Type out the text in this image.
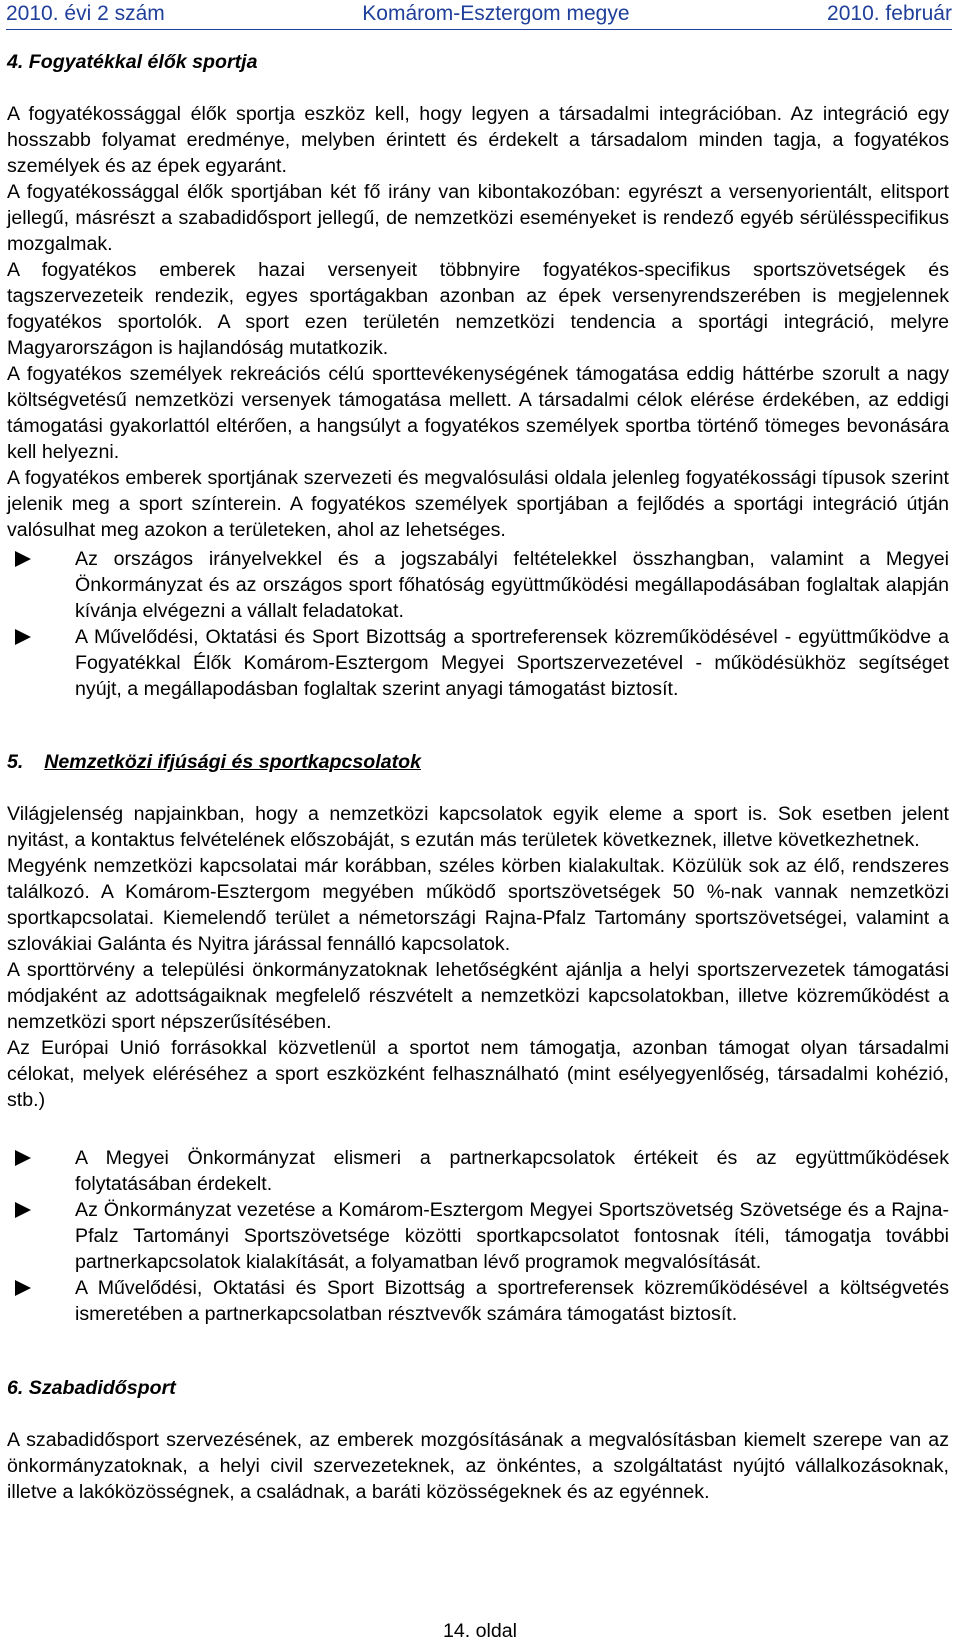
2010. évi 2 szám	Komárom-Esztergom megye	2010. február
4. Fogyatékkal élők sportja
A fogyatékossággal élők sportja eszköz kell, hogy legyen a társadalmi integrációban. Az integráció egy hosszabb folyamat eredménye, melyben érintett és érdekelt a társadalom minden tagja, a fogyatékos személyek és az épek egyaránt.
A fogyatékossággal élők sportjában két fő irány van kibontakozóban: egyrészt a versenyorientált, elitsport jellegű, másrészt a szabadidősport jellegű, de nemzetközi eseményeket is rendező egyéb sérülésspecifikus mozgalmak.
A fogyatékos emberek hazai versenyeit többnyire fogyatékos-specifikus sportszövetségek és tagszervezeteik rendezik, egyes sportágakban azonban az épek versenyrendszerében is megjelennek fogyatékos sportolók. A sport ezen területén nemzetközi tendencia a sportági integráció, melyre Magyarországon is hajlandóság mutatkozik.
A fogyatékos személyek rekreációs célú sporttevékenységének támogatása eddig háttérbe szorult a nagy költségvetésű nemzetközi versenyek támogatása mellett. A társadalmi célok elérése érdekében, az eddigi támogatási gyakorlattól eltérően, a hangsúlyt a fogyatékos személyek sportba történő tömeges bevonására kell helyezni.
A fogyatékos emberek sportjának szervezeti és megvalósulási oldala jelenleg fogyatékossági típusok szerint jelenik meg a sport színterein. A fogyatékos személyek sportjában a fejlődés a sportági integráció útján valósulhat meg azokon a területeken, ahol az lehetséges.
Az országos irányelvekkel és a jogszabályi feltételekkel összhangban, valamint a Megyei Önkormányzat és az országos sport főhatóság együttműködési megállapodásában foglaltak alapján kívánja elvégezni a vállalt feladatokat.
A Művelődési, Oktatási és Sport Bizottság a sportreferensek közreműködésével - együttműködve a Fogyatékkal Élők Komárom-Esztergom Megyei Sportszervezetével - működésükhöz segítséget nyújt, a megállapodásban foglaltak szerint anyagi támogatást biztosít.
5. Nemzetközi ifjúsági és sportkapcsolatok
Világjelenség napjainkban, hogy a nemzetközi kapcsolatok egyik eleme a sport is. Sok esetben jelent nyitást, a kontaktus felvételének előszobáját, s ezután más területek következnek, illetve következhetnek.
Megyénk nemzetközi kapcsolatai már korábban, széles körben kialakultak. Közülük sok az élő, rendszeres találkozó. A Komárom-Esztergom megyében működő sportszövetségek 50 %-nak vannak nemzetközi sportkapcsolatai. Kiemelendő terület a németországi Rajna-Pfalz Tartomány sportszövetségei, valamint a szlovákiai Galánta és Nyitra járással fennálló kapcsolatok.
A sporttörvény a települési önkormányzatoknak lehetőségként ajánlja a helyi sportszervezetek támogatási módjaként az adottságaiknak megfelelő részvételt a nemzetközi kapcsolatokban, illetve közreműködést a nemzetközi sport népszerűsítésében.
Az Európai Unió forrásokkal közvetlenül a sportot nem támogatja, azonban támogat olyan társadalmi célokat, melyek eléréséhez a sport eszközként felhasználható (mint esélyegyenlőség, társadalmi kohézió, stb.)
A Megyei Önkormányzat elismeri a partnerkapcsolatok értékeit és az együttműködések folytatásában érdekelt.
Az Önkormányzat vezetése a Komárom-Esztergom Megyei Sportszövetség Szövetsége és a Rajna-Pfalz Tartományi Sportszövetsége közötti sportkapcsolatot fontosnak ítéli, támogatja további partnerkapcsolatok kialakítását, a folyamatban lévő programok megvalósítását.
A Művelődési, Oktatási és Sport Bizottság a sportreferensek közreműködésével a költségvetés ismeretében a partnerkapcsolatban résztvevők számára támogatást biztosít.
6. Szabadidősport
A szabadidősport szervezésének, az emberek mozgósításának a megvalósításban kiemelt szerepe van az önkormányzatoknak, a helyi civil szervezeteknek, az önkéntes, a szolgáltatást nyújtó vállalkozásoknak, illetve a lakóközösségnek, a családnak, a baráti közösségeknek és az egyénnek.
14. oldal
